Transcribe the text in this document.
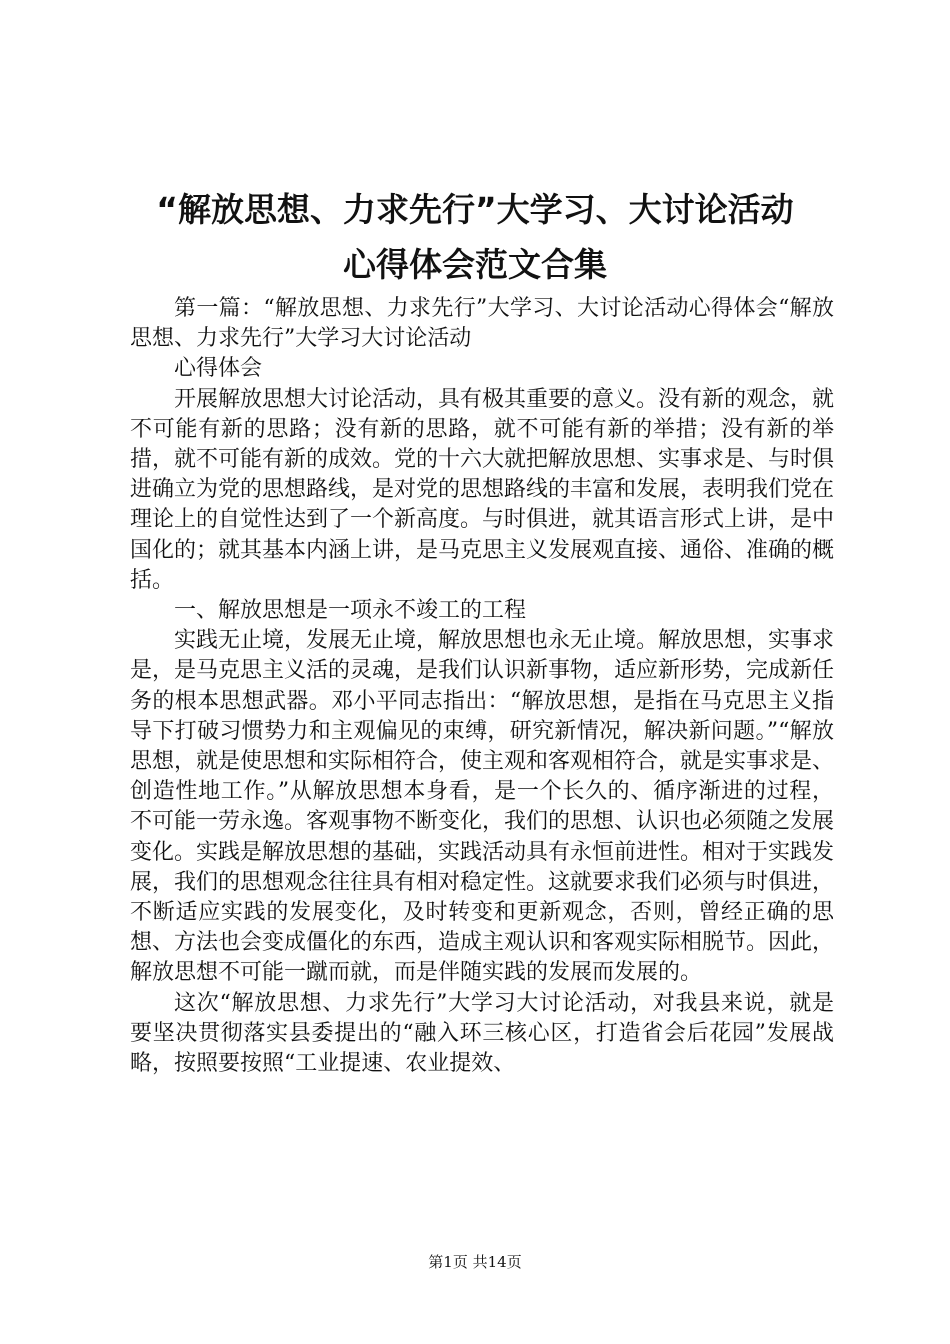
“解放思想、力求先行”大学习、大讨论活动
心得体会范文合集

第一篇：“解放思想、力求先行”大学习、大讨论活动心得体会“解放思想、力求先行”大学习大讨论活动

心得体会

开展解放思想大讨论活动，具有极其重要的意义。没有新的观念，就不可能有新的思路；没有新的思路，就不可能有新的举措；没有新的举措，就不可能有新的成效。党的十六大就把解放思想、实事求是、与时俱进确立为党的思想路线，是对党的思想路线的丰富和发展，表明我们党在理论上的自觉性达到了一个新高度。与时俱进，就其语言形式上讲，是中国化的；就其基本内涵上讲，是马克思主义发展观直接、通俗、准确的概括。

一、解放思想是一项永不竣工的工程

实践无止境，发展无止境，解放思想也永无止境。解放思想，实事求是，是马克思主义活的灵魂，是我们认识新事物，适应新形势，完成新任务的根本思想武器。邓小平同志指出：“解放思想，是指在马克思主义指导下打破习惯势力和主观偏见的束缚，研究新情况，解决新问题。”“解放思想，就是使思想和实际相符合，使主观和客观相符合，就是实事求是、创造性地工作。”从解放思想本身看，是一个长久的、循序渐进的过程，不可能一劳永逸。客观事物不断变化，我们的思想、认识也必须随之发展变化。实践是解放思想的基础，实践活动具有永恒前进性。相对于实践发展，我们的思想观念往往具有相对稳定性。这就要求我们必须与时俱进，不断适应实践的发展变化，及时转变和更新观念，否则，曾经正确的思想、方法也会变成僵化的东西，造成主观认识和客观实际相脱节。因此，解放思想不可能一蹴而就，而是伴随实践的发展而发展的。

这次“解放思想、力求先行”大学习大讨论活动，对我县来说，就是要坚决贯彻落实县委提出的“融入环三核心区，打造省会后花园”发展战略，按照要按照“工业提速、农业提效、

第1页 共14页
